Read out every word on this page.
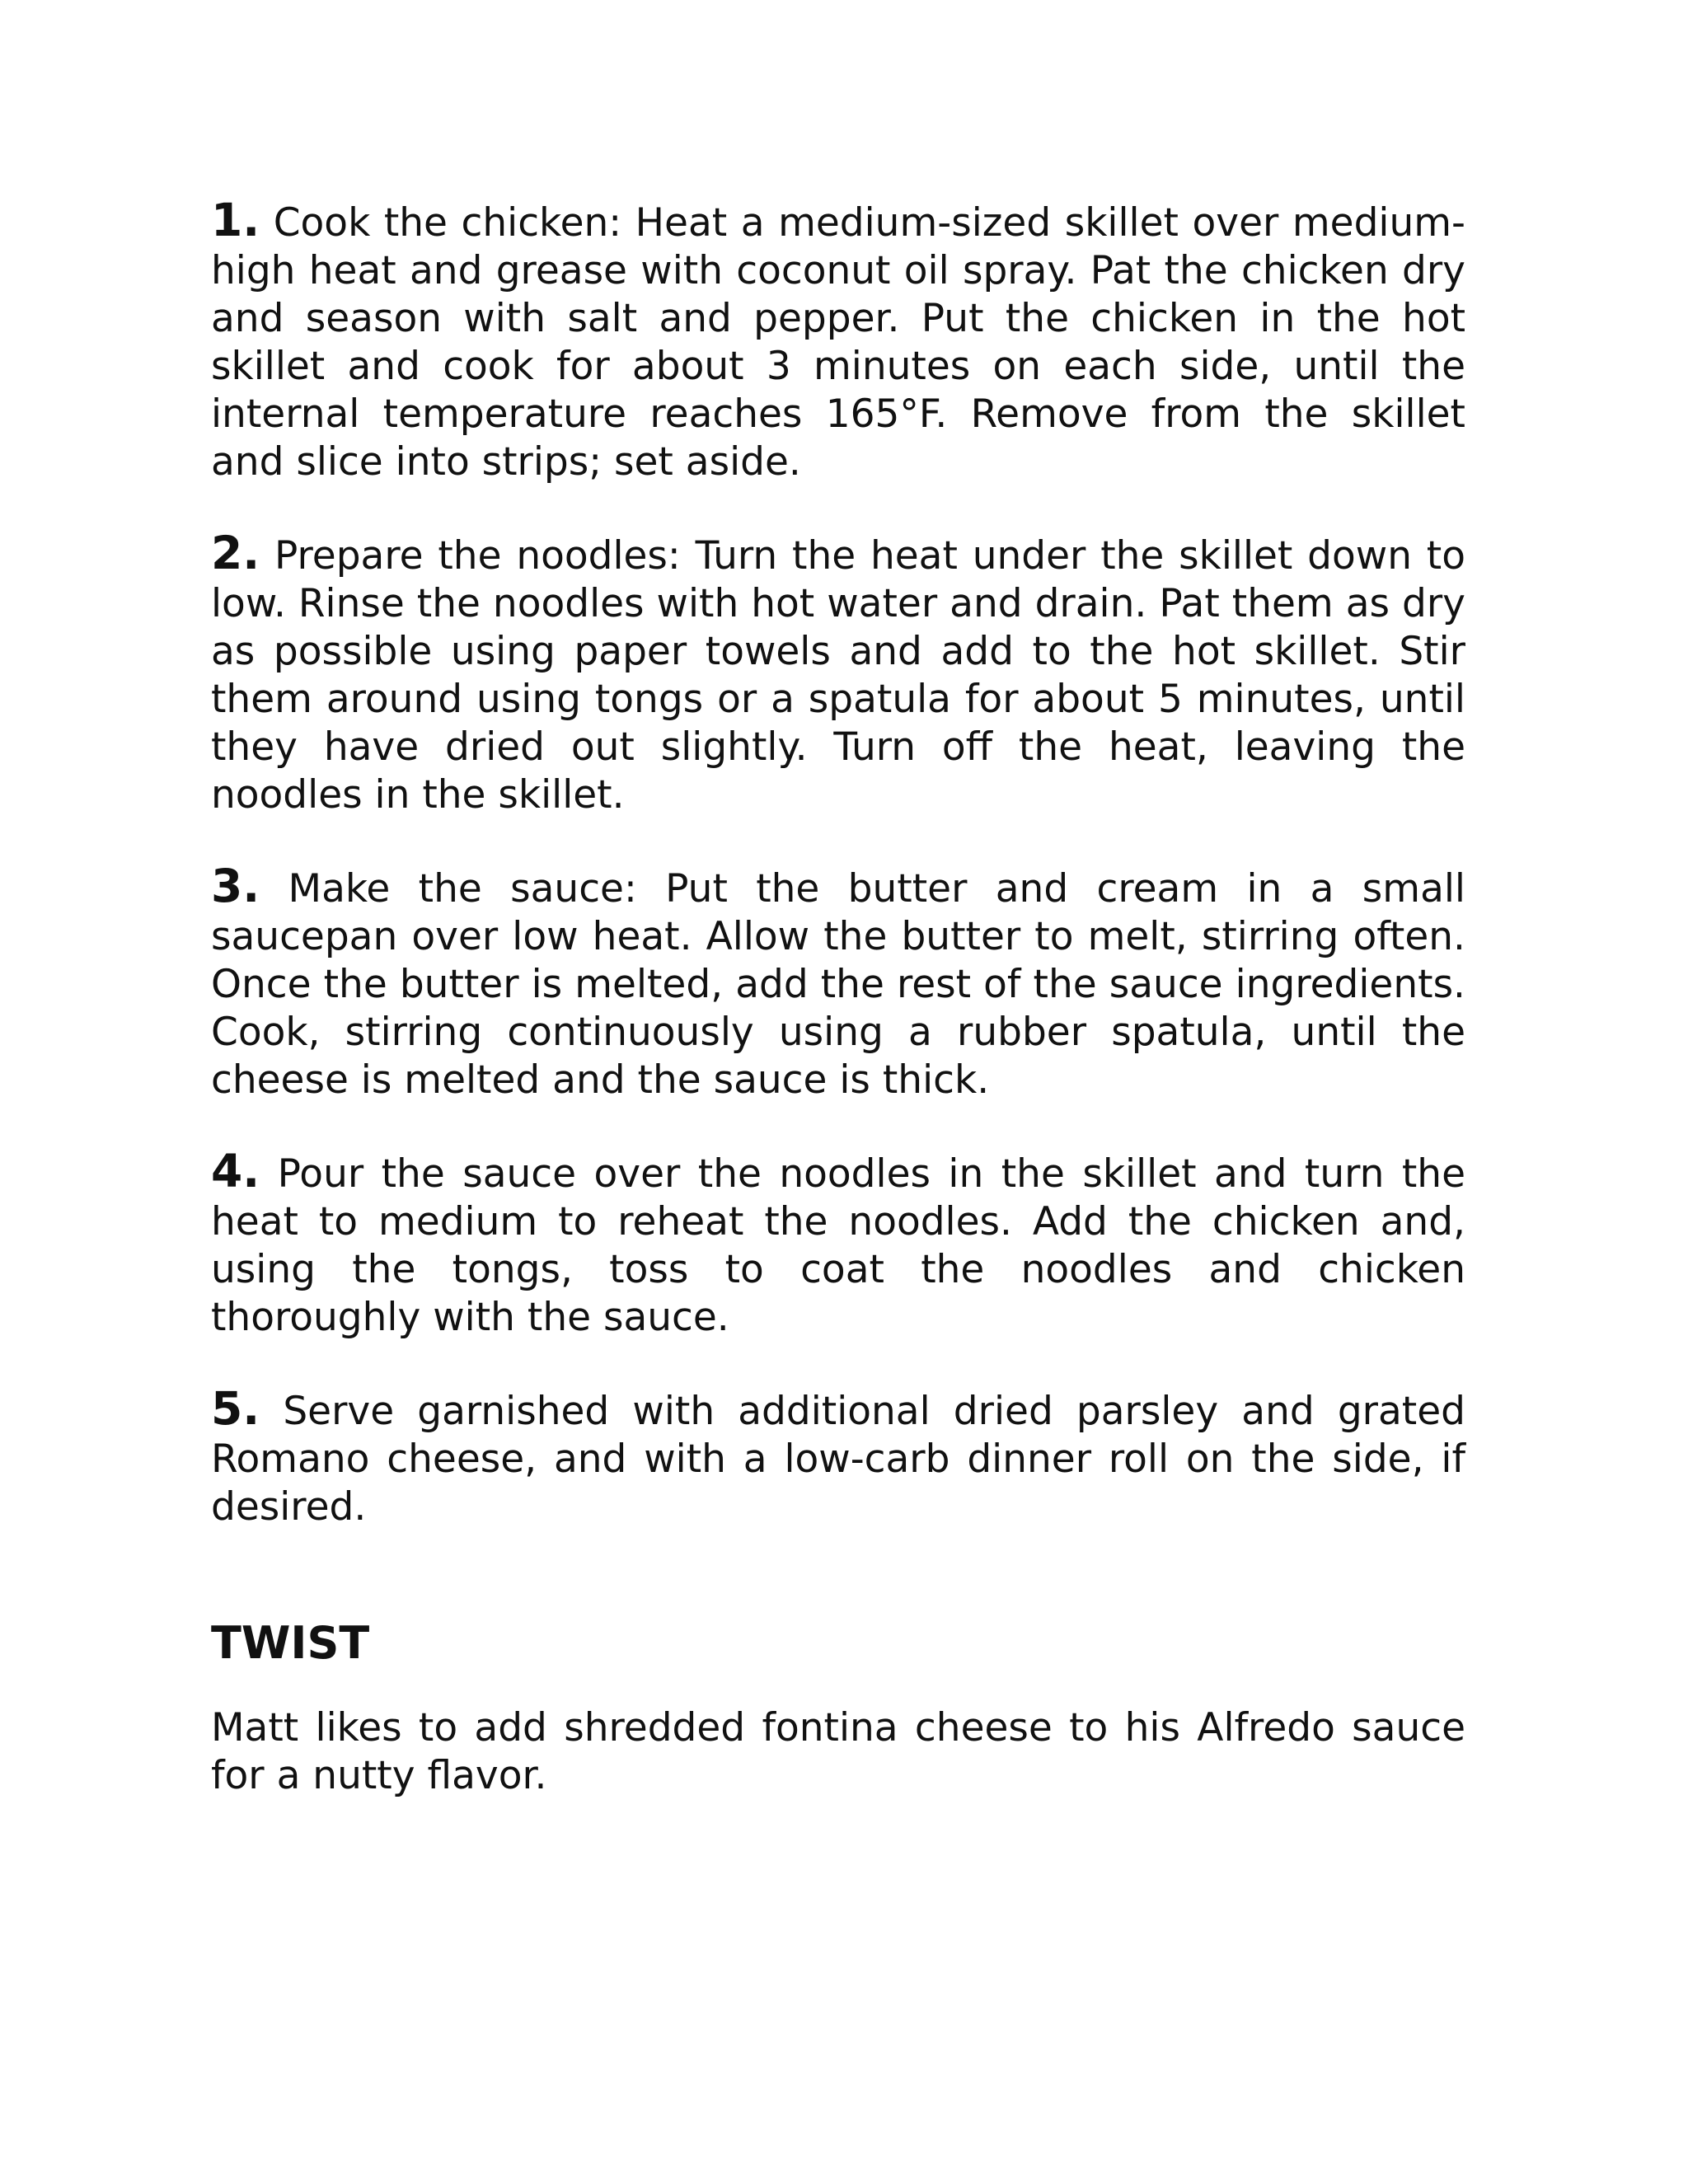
1. Cook the chicken: Heat a medium-sized skillet over medium-high heat and grease with coconut oil spray. Pat the chicken dry and season with salt and pepper. Put the chicken in the hot skillet and cook for about 3 minutes on each side, until the internal temperature reaches 165°F. Remove from the skillet and slice into strips; set aside.

2. Prepare the noodles: Turn the heat under the skillet down to low. Rinse the noodles with hot water and drain. Pat them as dry as possible using paper towels and add to the hot skillet. Stir them around using tongs or a spatula for about 5 minutes, until they have dried out slightly. Turn off the heat, leaving the noodles in the skillet.

3. Make the sauce: Put the butter and cream in a small saucepan over low heat. Allow the butter to melt, stirring often. Once the butter is melted, add the rest of the sauce ingredients. Cook, stirring continuously using a rubber spatula, until the cheese is melted and the sauce is thick.

4. Pour the sauce over the noodles in the skillet and turn the heat to medium to reheat the noodles. Add the chicken and, using the tongs, toss to coat the noodles and chicken thoroughly with the sauce.

5. Serve garnished with additional dried parsley and grated Romano cheese, and with a low-carb dinner roll on the side, if desired.

TWIST

Matt likes to add shredded fontina cheese to his Alfredo sauce for a nutty flavor.
